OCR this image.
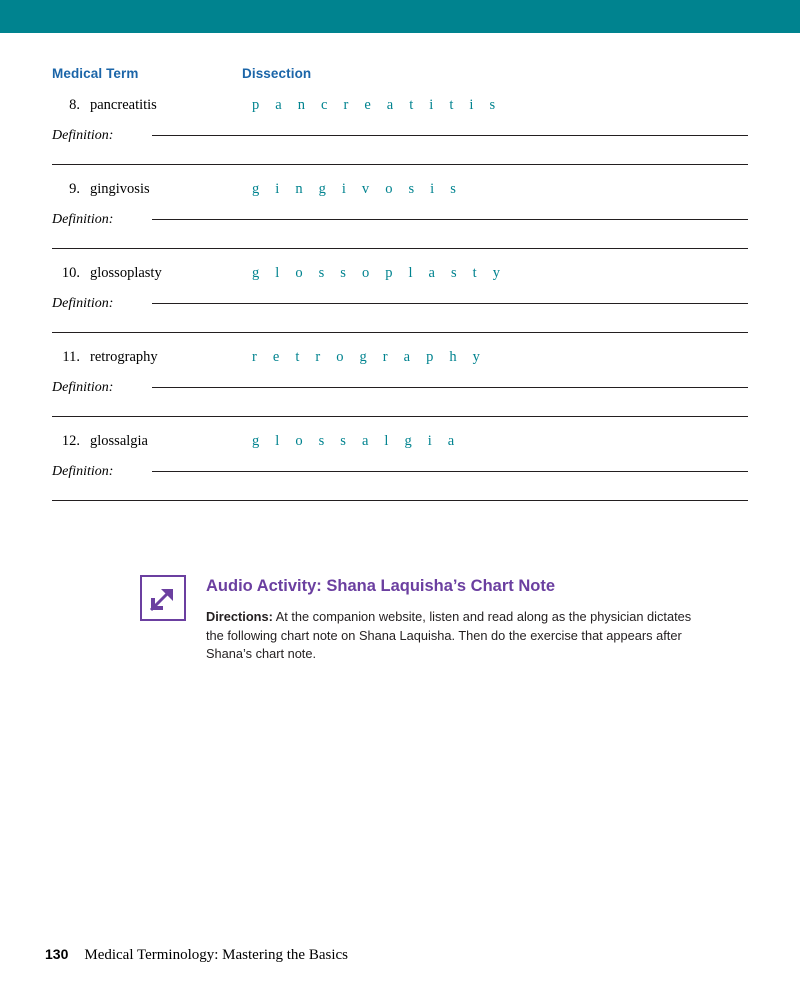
Medical Term	Dissection
8. pancreatitis	p a n c r e a t i t i s
Definition:
9. gingivosis	g i n g i v o s i s
Definition:
10. glossoplasty	g l o s s o p l a s t y
Definition:
11. retrography	r e t r o g r a p h y
Definition:
12. glossalgia	g l o s s a l g i a
Definition:
Audio Activity: Shana Laquisha’s Chart Note
Directions: At the companion website, listen and read along as the physician dictates the following chart note on Shana Laquisha. Then do the exercise that appears after Shana’s chart note.
130 Medical Terminology: Mastering the Basics
